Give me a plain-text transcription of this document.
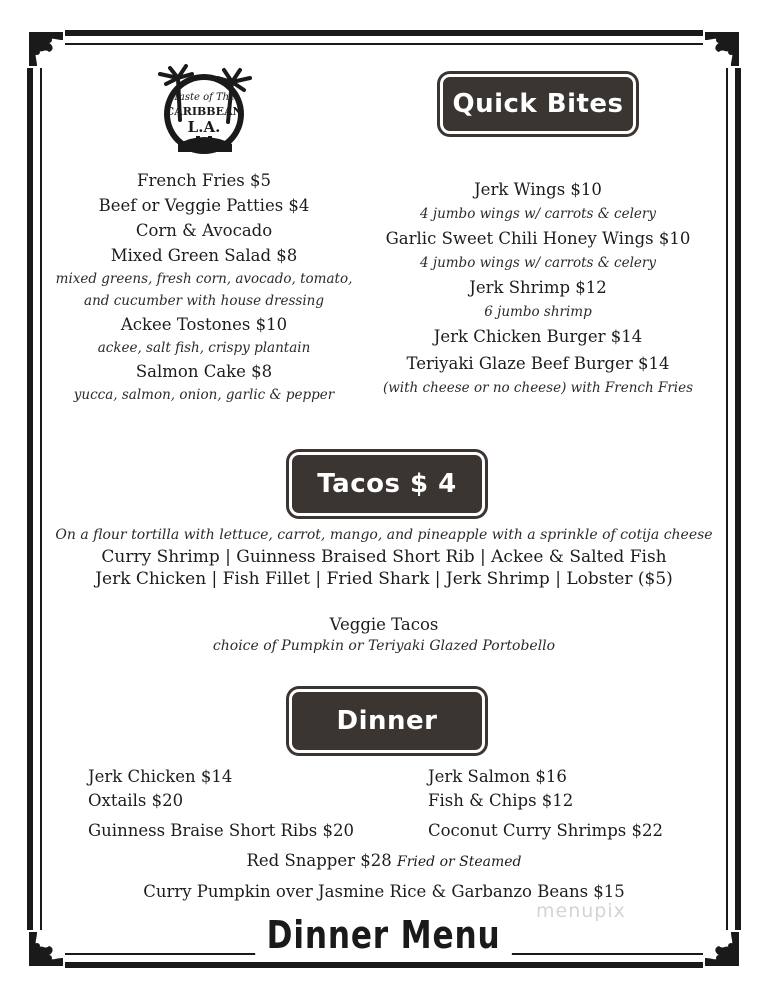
Taste of The
CARIBBEAN
L.A.
Quick Bites
French Fries $5
Beef or Veggie Patties $4
Corn & Avocado
Mixed Green Salad $8
mixed greens, fresh corn, avocado, tomato,
and cucumber with house dressing
Ackee Tostones $10
ackee, salt fish, crispy plantain
Salmon Cake $8
yucca, salmon, onion, garlic & pepper
Jerk Wings $10
4 jumbo wings w/ carrots & celery
Garlic Sweet Chili Honey Wings $10
4 jumbo wings w/ carrots & celery
Jerk Shrimp $12
6 jumbo shrimp
Jerk Chicken Burger $14
Teriyaki Glaze Beef Burger $14
(with cheese or no cheese) with French Fries
Tacos $ 4
On a flour tortilla with lettuce, carrot, mango, and pineapple with a sprinkle of cotija cheese
Curry Shrimp | Guinness Braised Short Rib | Ackee & Salted Fish
Jerk Chicken | Fish Fillet | Fried Shark | Jerk Shrimp | Lobster ($5)
Veggie Tacos
choice of Pumpkin or Teriyaki Glazed Portobello
Dinner
Jerk Chicken $14
Oxtails $20
Guinness Braise Short Ribs $20
Jerk Salmon $16
Fish & Chips $12
Coconut Curry Shrimps $22
Red Snapper $28 Fried or Steamed
Curry Pumpkin over Jasmine Rice & Garbanzo Beans $15
Dinner Menu
menupix
